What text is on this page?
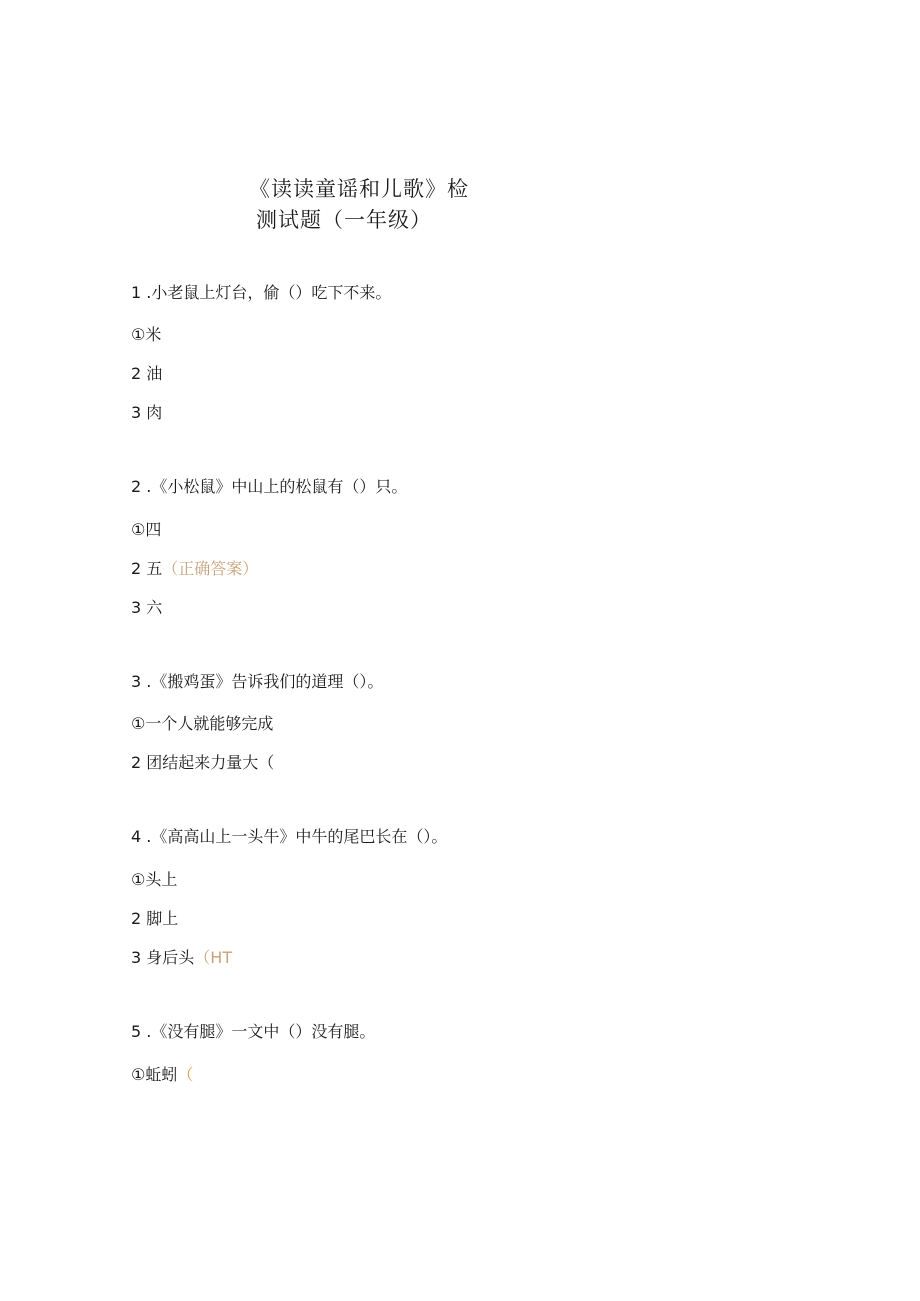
《读读童谣和儿歌》检
测试题（一年级）
1 .小老鼠上灯台，偷（）吃下不来。
①米
2 油
3 肉
2 .《小松鼠》中山上的松鼠有（）只。
①四
2 五（正确答案）
3 六
3 .《搬鸡蛋》告诉我们的道理（）。
①一个人就能够完成
2 团结起来力量大（
4 .《高高山上一头牛》中牛的尾巴长在（）。
①头上
2 脚上
3 身后头（HT
5 .《没有腿》一文中（）没有腿。
①蚯蚓（
